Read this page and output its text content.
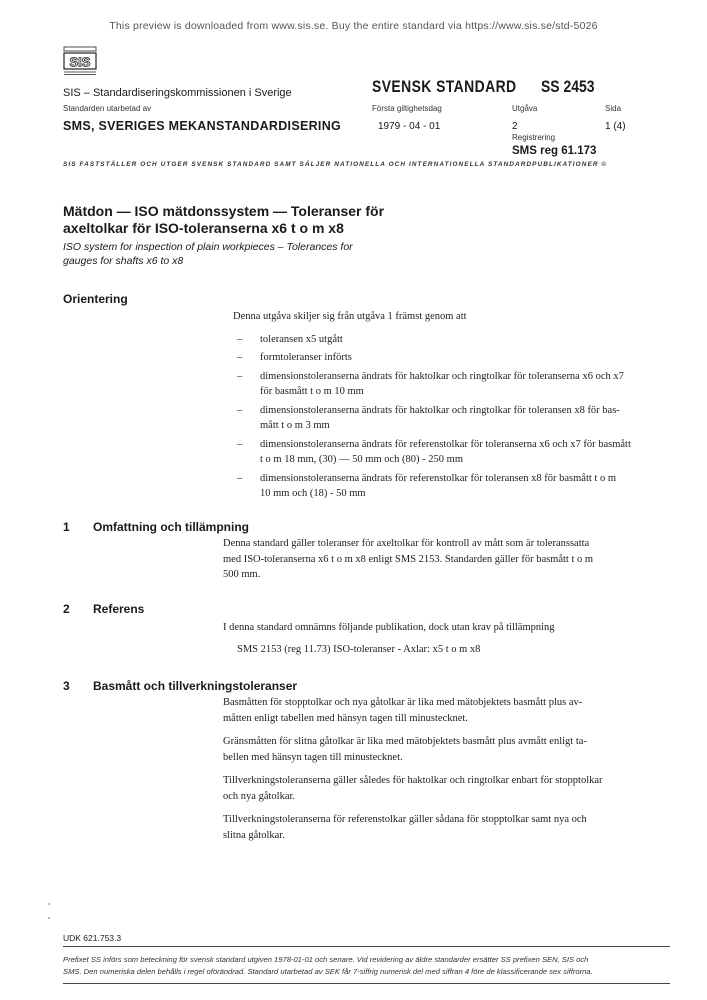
This preview is downloaded from www.sis.se. Buy the entire standard via https://www.sis.se/std-5026
SIS
SIS – Standardiseringskommissionen i Sverige
Standarden utarbetad av
SMS, SVERIGES MEKANSTANDARDISERING
SVENSK STANDARD SS 2453
Första giltighetsdag	Utgåva	Sida
1979 - 04 - 01	2	1 (4)
Registrering
SMS reg 61.173
SIS FASTSTÄLLER OCH UTGER SVENSK STANDARD SAMT SÄLJER NATIONELLA OCH INTERNATIONELLA STANDARDPUBLIKATIONER ©
Mätdon — ISO mätdonssystem — Toleranser för
axeltolkar för ISO-toleranserna x6 t o m x8
ISO system for inspection of plain workpieces – Tolerances for
gauges for shafts x6 to x8
Orientering
Denna utgåva skiljer sig från utgåva 1 främst genom att
– toleransen x5 utgått
– formtoleranser införts
– dimensionstoleranserna ändrats för haktolkar och ringtolkar för toleranserna x6 och x7
för basmått t o m 10 mm
– dimensionstoleranserna ändrats för haktolkar och ringtolkar för toleransen x8 för bas-
mått t o m 3 mm
– dimensionstoleranserna ändrats för referenstolkar för toleranserna x6 och x7 för basmått
t o m 18 mm, (30) — 50 mm och (80) - 250 mm
– dimensionstoleranserna ändrats för referenstolkar för toleransen x8 för basmått t o m
10 mm och (18) - 50 mm
1 Omfattning och tillämpning
Denna standard gäller toleranser för axeltolkar för kontroll av mått som är toleranssatta
med ISO-toleranserna x6 t o m x8 enligt SMS 2153. Standarden gäller för basmått t o m
500 mm.
2 Referens
I denna standard omnämns följande publikation, dock utan krav på tillämpning
SMS 2153 (reg 11.73) ISO-toleranser - Axlar: x5 t o m x8
3 Basmått och tillverkningstoleranser

Basmåtten för stopptolkar och nya gåtolkar är lika med mätobjektets basmått plus av-
måtten enligt tabellen med hänsyn tagen till minustecknet.

Gränsmåtten för slitna gåtolkar är lika med mätobjektets basmått plus avmått enligt ta-
bellen med hänsyn tagen till minustecknet.

Tillverkningstoleranserna gäller således för haktolkar och ringtolkar enbart för stopptolkar
och nya gåtolkar.

Tillverkningstoleranserna för referenstolkar gäller sådana för stopptolkar samt nya och
slitna gåtolkar.

UDK 621.753.3
Prefixet SS införs som beteckning för svensk standard utgiven 1978-01-01 och senare. Vid revidering av äldre standarder ersätter SS prefixen SEN, SIS och
SMS. Den numeriska delen behålls i regel oförändrad. Standard utarbetad av SEK får 7-siffrig numerisk del med siffran 4 före de klassificerande sex siffrorna.
